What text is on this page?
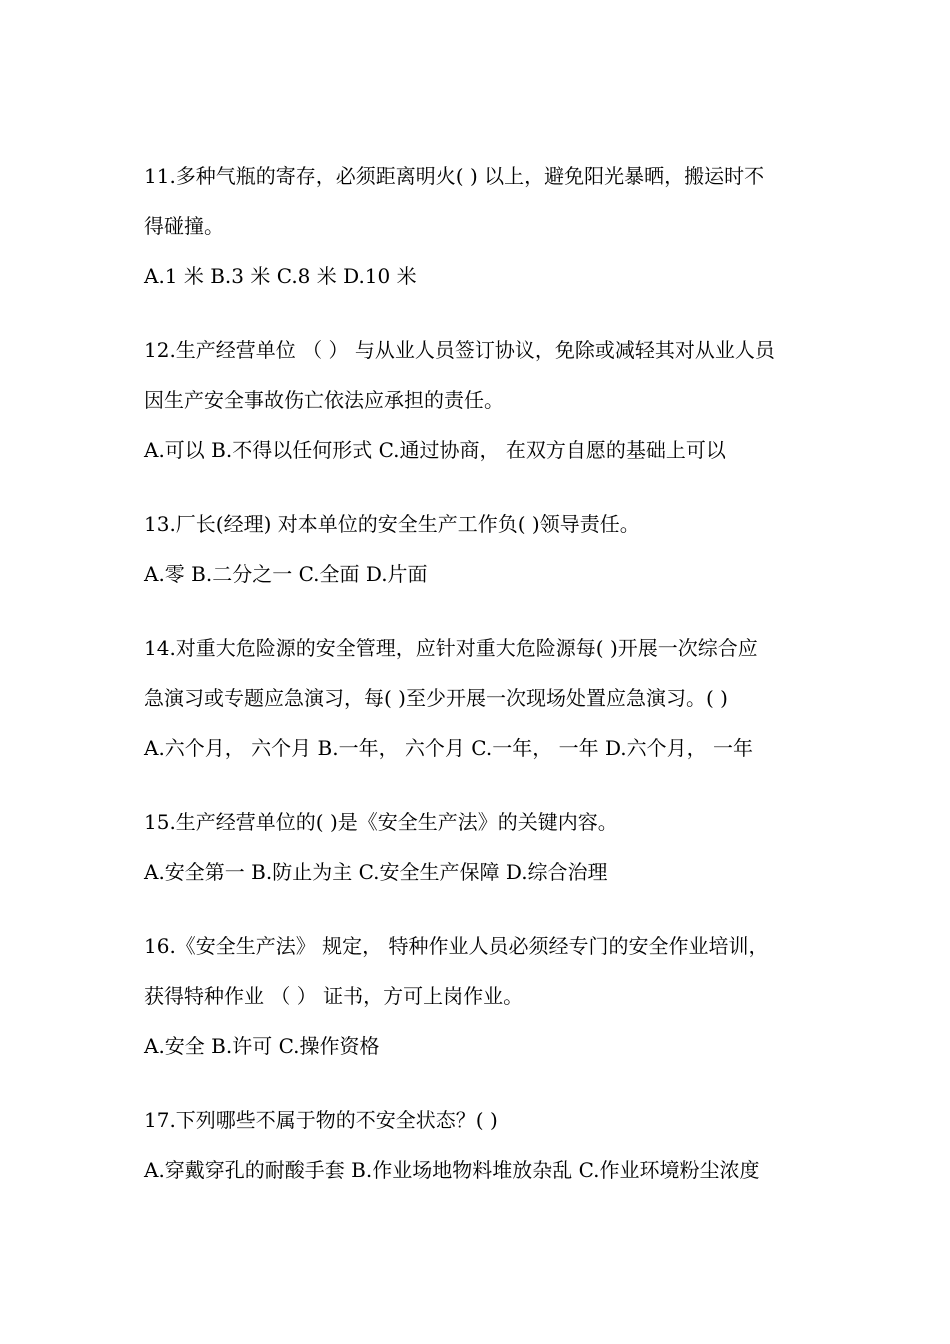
11.多种气瓶的寄存，必须距离明火( ) 以上，避免阳光暴晒，搬运时不
得碰撞。
A.1 米 B.3 米 C.8 米 D.10 米
12.生产经营单位 （ ） 与从业人员签订协议，免除或减轻其对从业人员
因生产安全事故伤亡依法应承担的责任。
A.可以 B.不得以任何形式 C.通过协商， 在双方自愿的基础上可以
13.厂长(经理) 对本单位的安全生产工作负( )领导责任。
A.零 B.二分之一 C.全面 D.片面
14.对重大危险源的安全管理，应针对重大危险源每( )开展一次综合应
急演习或专题应急演习，每( )至少开展一次现场处置应急演习。( )
A.六个月， 六个月 B.一年， 六个月 C.一年， 一年 D.六个月， 一年
15.生产经营单位的( )是《安全生产法》的关键内容。
A.安全第一 B.防止为主 C.安全生产保障 D.综合治理
16.《安全生产法》 规定， 特种作业人员必须经专门的安全作业培训，
获得特种作业 （ ） 证书，方可上岗作业。
A.安全 B.许可 C.操作资格
17.下列哪些不属于物的不安全状态？( )
A.穿戴穿孔的耐酸手套 B.作业场地物料堆放杂乱 C.作业环境粉尘浓度
